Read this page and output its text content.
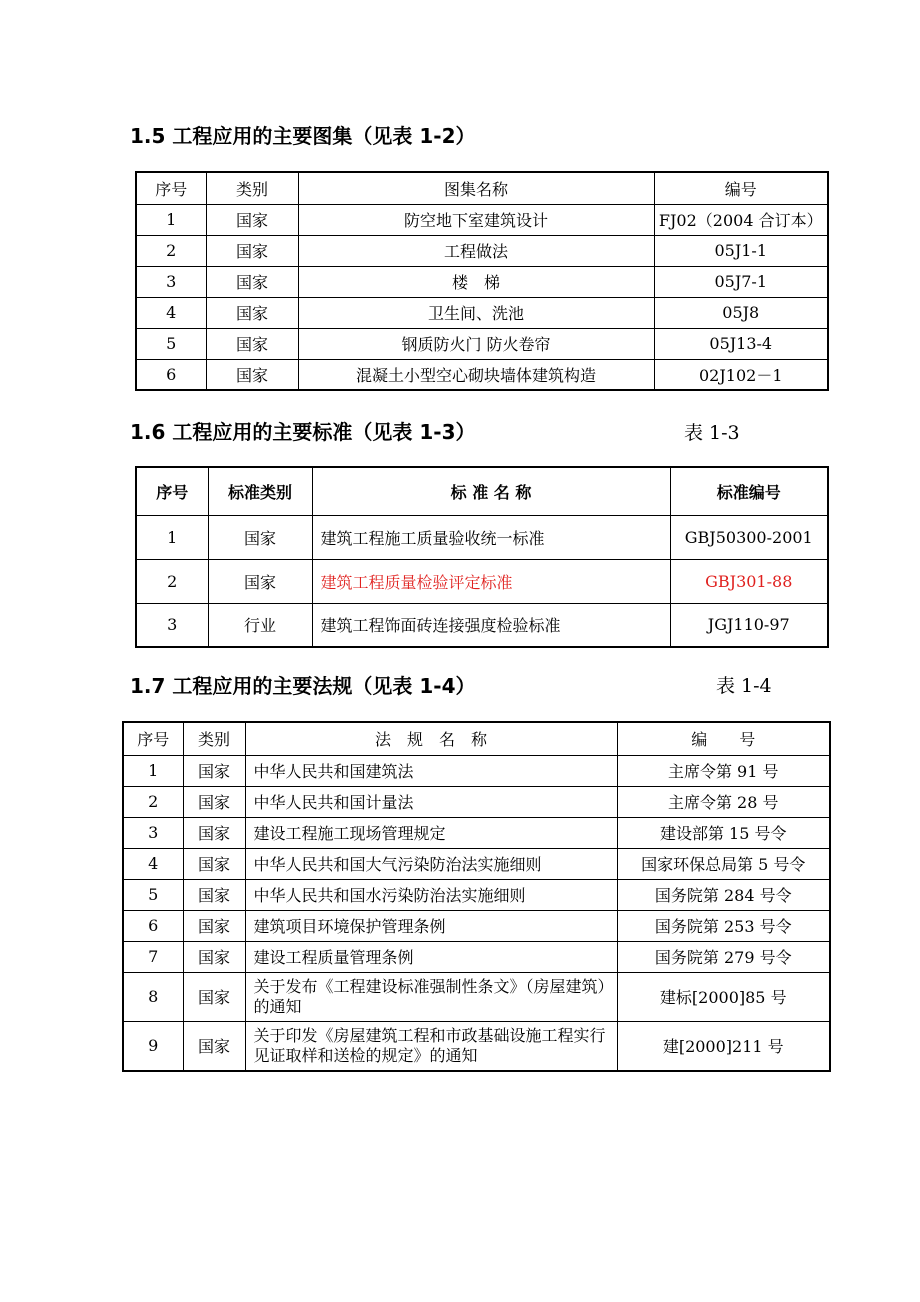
1.5 工程应用的主要图集（见表 1-2）
序号	类别	图集名称	编号
1	国家	防空地下室建筑设计	FJ02（2004 合订本）
2	国家	工程做法	05J1-1
3	国家	楼　梯	05J7-1
4	国家	卫生间、洗池	05J8
5	国家	钢质防火门 防火卷帘	05J13-4
6	国家	混凝土小型空心砌块墙体建筑构造	02J102－1
1.6 工程应用的主要标准（见表 1-3）	表 1-3
序号	标准类别	标 准 名 称	标准编号
1	国家	建筑工程施工质量验收统一标准	GBJ50300-2001
2	国家	建筑工程质量检验评定标准	GBJ301-88
3	行业	建筑工程饰面砖连接强度检验标准	JGJ110-97
1.7 工程应用的主要法规（见表 1-4）	表 1-4
序号	类别	法　规　名　称	编　　号
1	国家	中华人民共和国建筑法	主席令第 91 号
2	国家	中华人民共和国计量法	主席令第 28 号
3	国家	建设工程施工现场管理规定	建设部第 15 号令
4	国家	中华人民共和国大气污染防治法实施细则	国家环保总局第 5 号令
5	国家	中华人民共和国水污染防治法实施细则	国务院第 284 号令
6	国家	建筑项目环境保护管理条例	国务院第 253 号令
7	国家	建设工程质量管理条例	国务院第 279 号令
8	国家	关于发布《工程建设标准强制性条文》（房屋建筑）的通知	建标[2000]85 号
9	国家	关于印发《房屋建筑工程和市政基础设施工程实行见证取样和送检的规定》的通知	建[2000]211 号
